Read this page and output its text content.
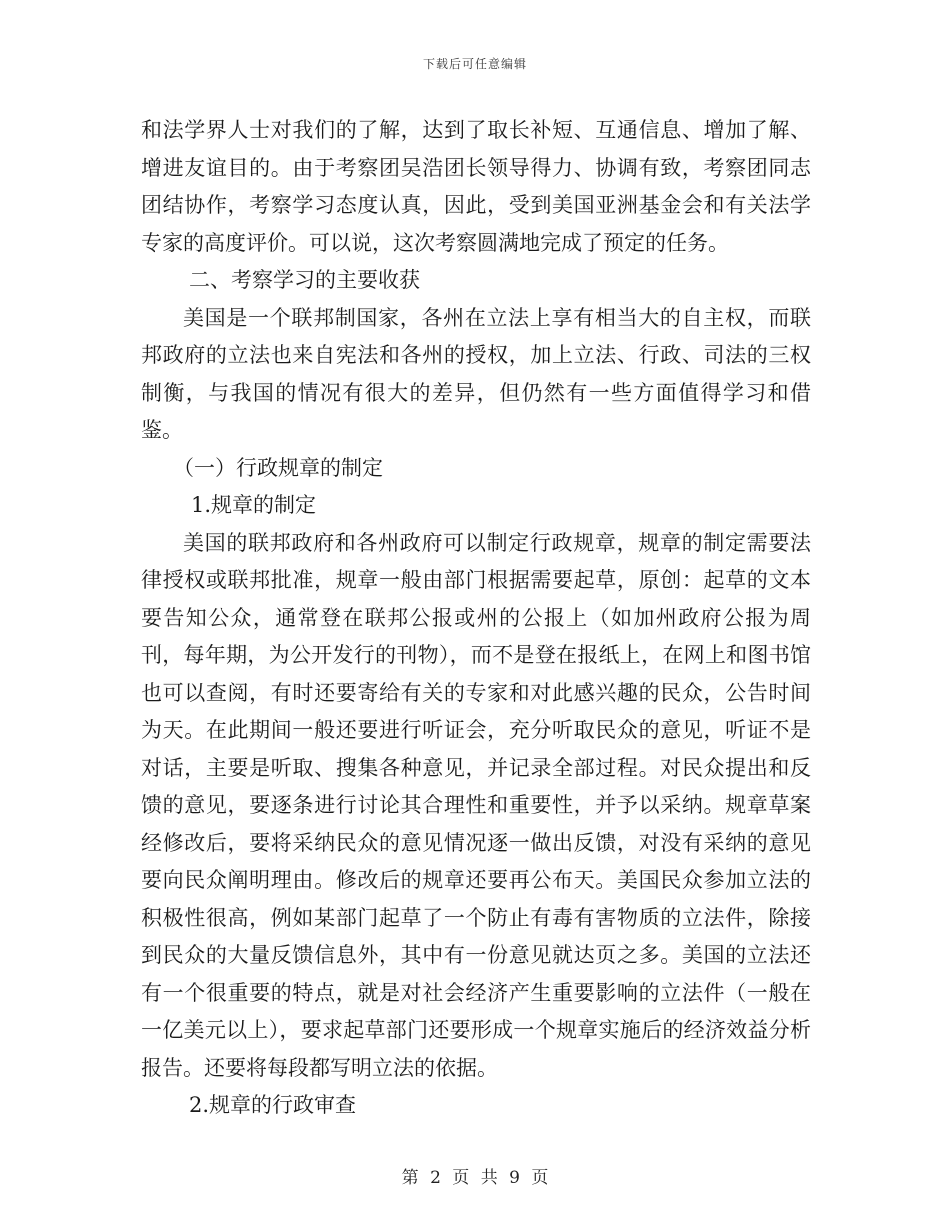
下载后可任意编辑

和法学界人士对我们的了解，达到了取长补短、互通信息、增加了解、增进友谊目的。由于考察团吴浩团长领导得力、协调有致，考察团同志团结协作，考察学习态度认真，因此，受到美国亚洲基金会和有关法学专家的高度评价。可以说，这次考察圆满地完成了预定的任务。

二、考察学习的主要收获

美国是一个联邦制国家，各州在立法上享有相当大的自主权，而联邦政府的立法也来自宪法和各州的授权，加上立法、行政、司法的三权制衡，与我国的情况有很大的差异，但仍然有一些方面值得学习和借鉴。

（一）行政规章的制定

1.规章的制定

美国的联邦政府和各州政府可以制定行政规章，规章的制定需要法律授权或联邦批准，规章一般由部门根据需要起草，原创：起草的文本要告知公众，通常登在联邦公报或州的公报上（如加州政府公报为周刊，每年期，为公开发行的刊物），而不是登在报纸上，在网上和图书馆也可以查阅，有时还要寄给有关的专家和对此感兴趣的民众，公告时间为天。在此期间一般还要进行听证会，充分听取民众的意见，听证不是对话，主要是听取、搜集各种意见，并记录全部过程。对民众提出和反馈的意见，要逐条进行讨论其合理性和重要性，并予以采纳。规章草案经修改后，要将采纳民众的意见情况逐一做出反馈，对没有采纳的意见要向民众阐明理由。修改后的规章还要再公布天。美国民众参加立法的积极性很高，例如某部门起草了一个防止有毒有害物质的立法件，除接到民众的大量反馈信息外，其中有一份意见就达页之多。美国的立法还有一个很重要的特点，就是对社会经济产生重要影响的立法件（一般在一亿美元以上），要求起草部门还要形成一个规章实施后的经济效益分析报告。还要将每段都写明立法的依据。

2.规章的行政审查

第 2 页 共 9 页
